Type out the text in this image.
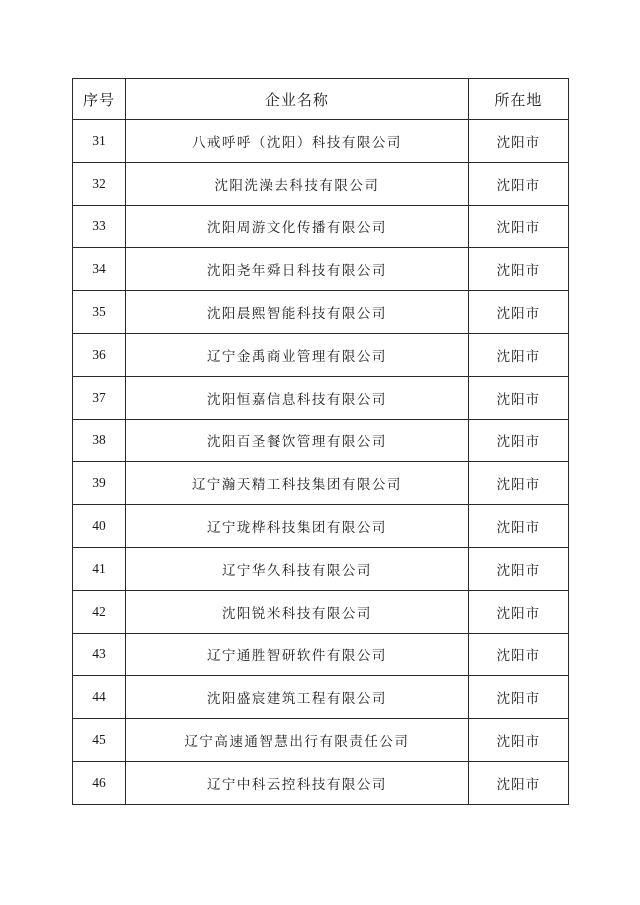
序号	企业名称	所在地
31	八戒呼呼（沈阳）科技有限公司	沈阳市
32	沈阳洗澡去科技有限公司	沈阳市
33	沈阳周游文化传播有限公司	沈阳市
34	沈阳尧年舜日科技有限公司	沈阳市
35	沈阳晨熙智能科技有限公司	沈阳市
36	辽宁金禹商业管理有限公司	沈阳市
37	沈阳恒嘉信息科技有限公司	沈阳市
38	沈阳百圣餐饮管理有限公司	沈阳市
39	辽宁瀚天精工科技集团有限公司	沈阳市
40	辽宁珑桦科技集团有限公司	沈阳市
41	辽宁华久科技有限公司	沈阳市
42	沈阳锐米科技有限公司	沈阳市
43	辽宁通胜智研软件有限公司	沈阳市
44	沈阳盛宸建筑工程有限公司	沈阳市
45	辽宁高速通智慧出行有限责任公司	沈阳市
46	辽宁中科云控科技有限公司	沈阳市
